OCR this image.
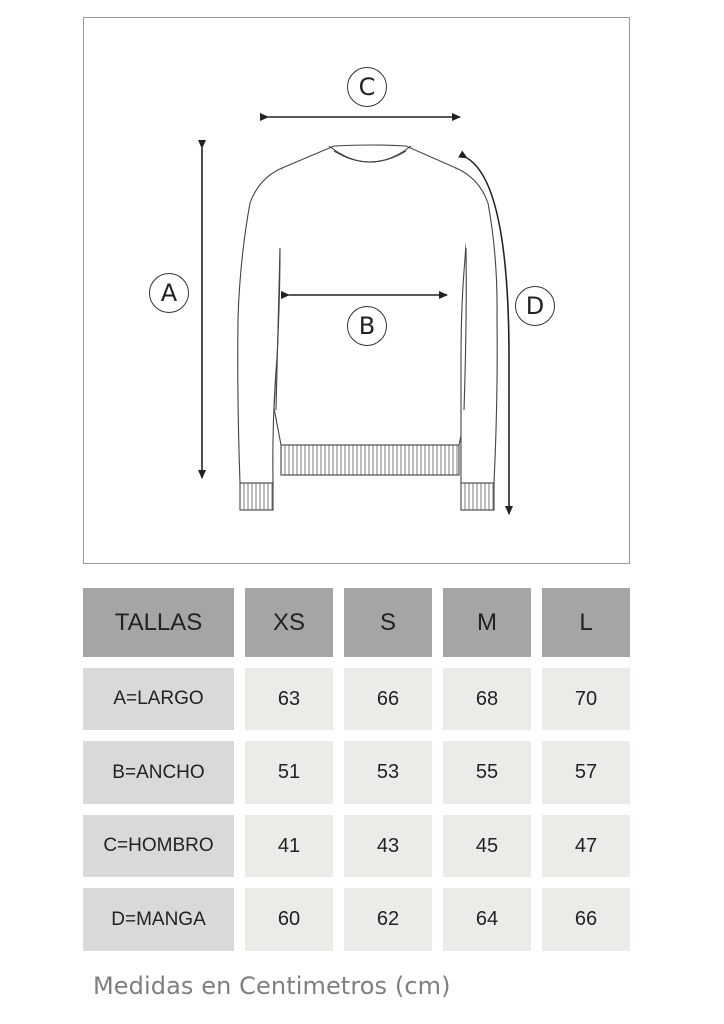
A
B
C
D
TALLAS	XS	S	M	L
A=LARGO	63	66	68	70
B=ANCHO	51	53	55	57
C=HOMBRO	41	43	45	47
D=MANGA	60	62	64	66
Medidas en Centimetros (cm)
